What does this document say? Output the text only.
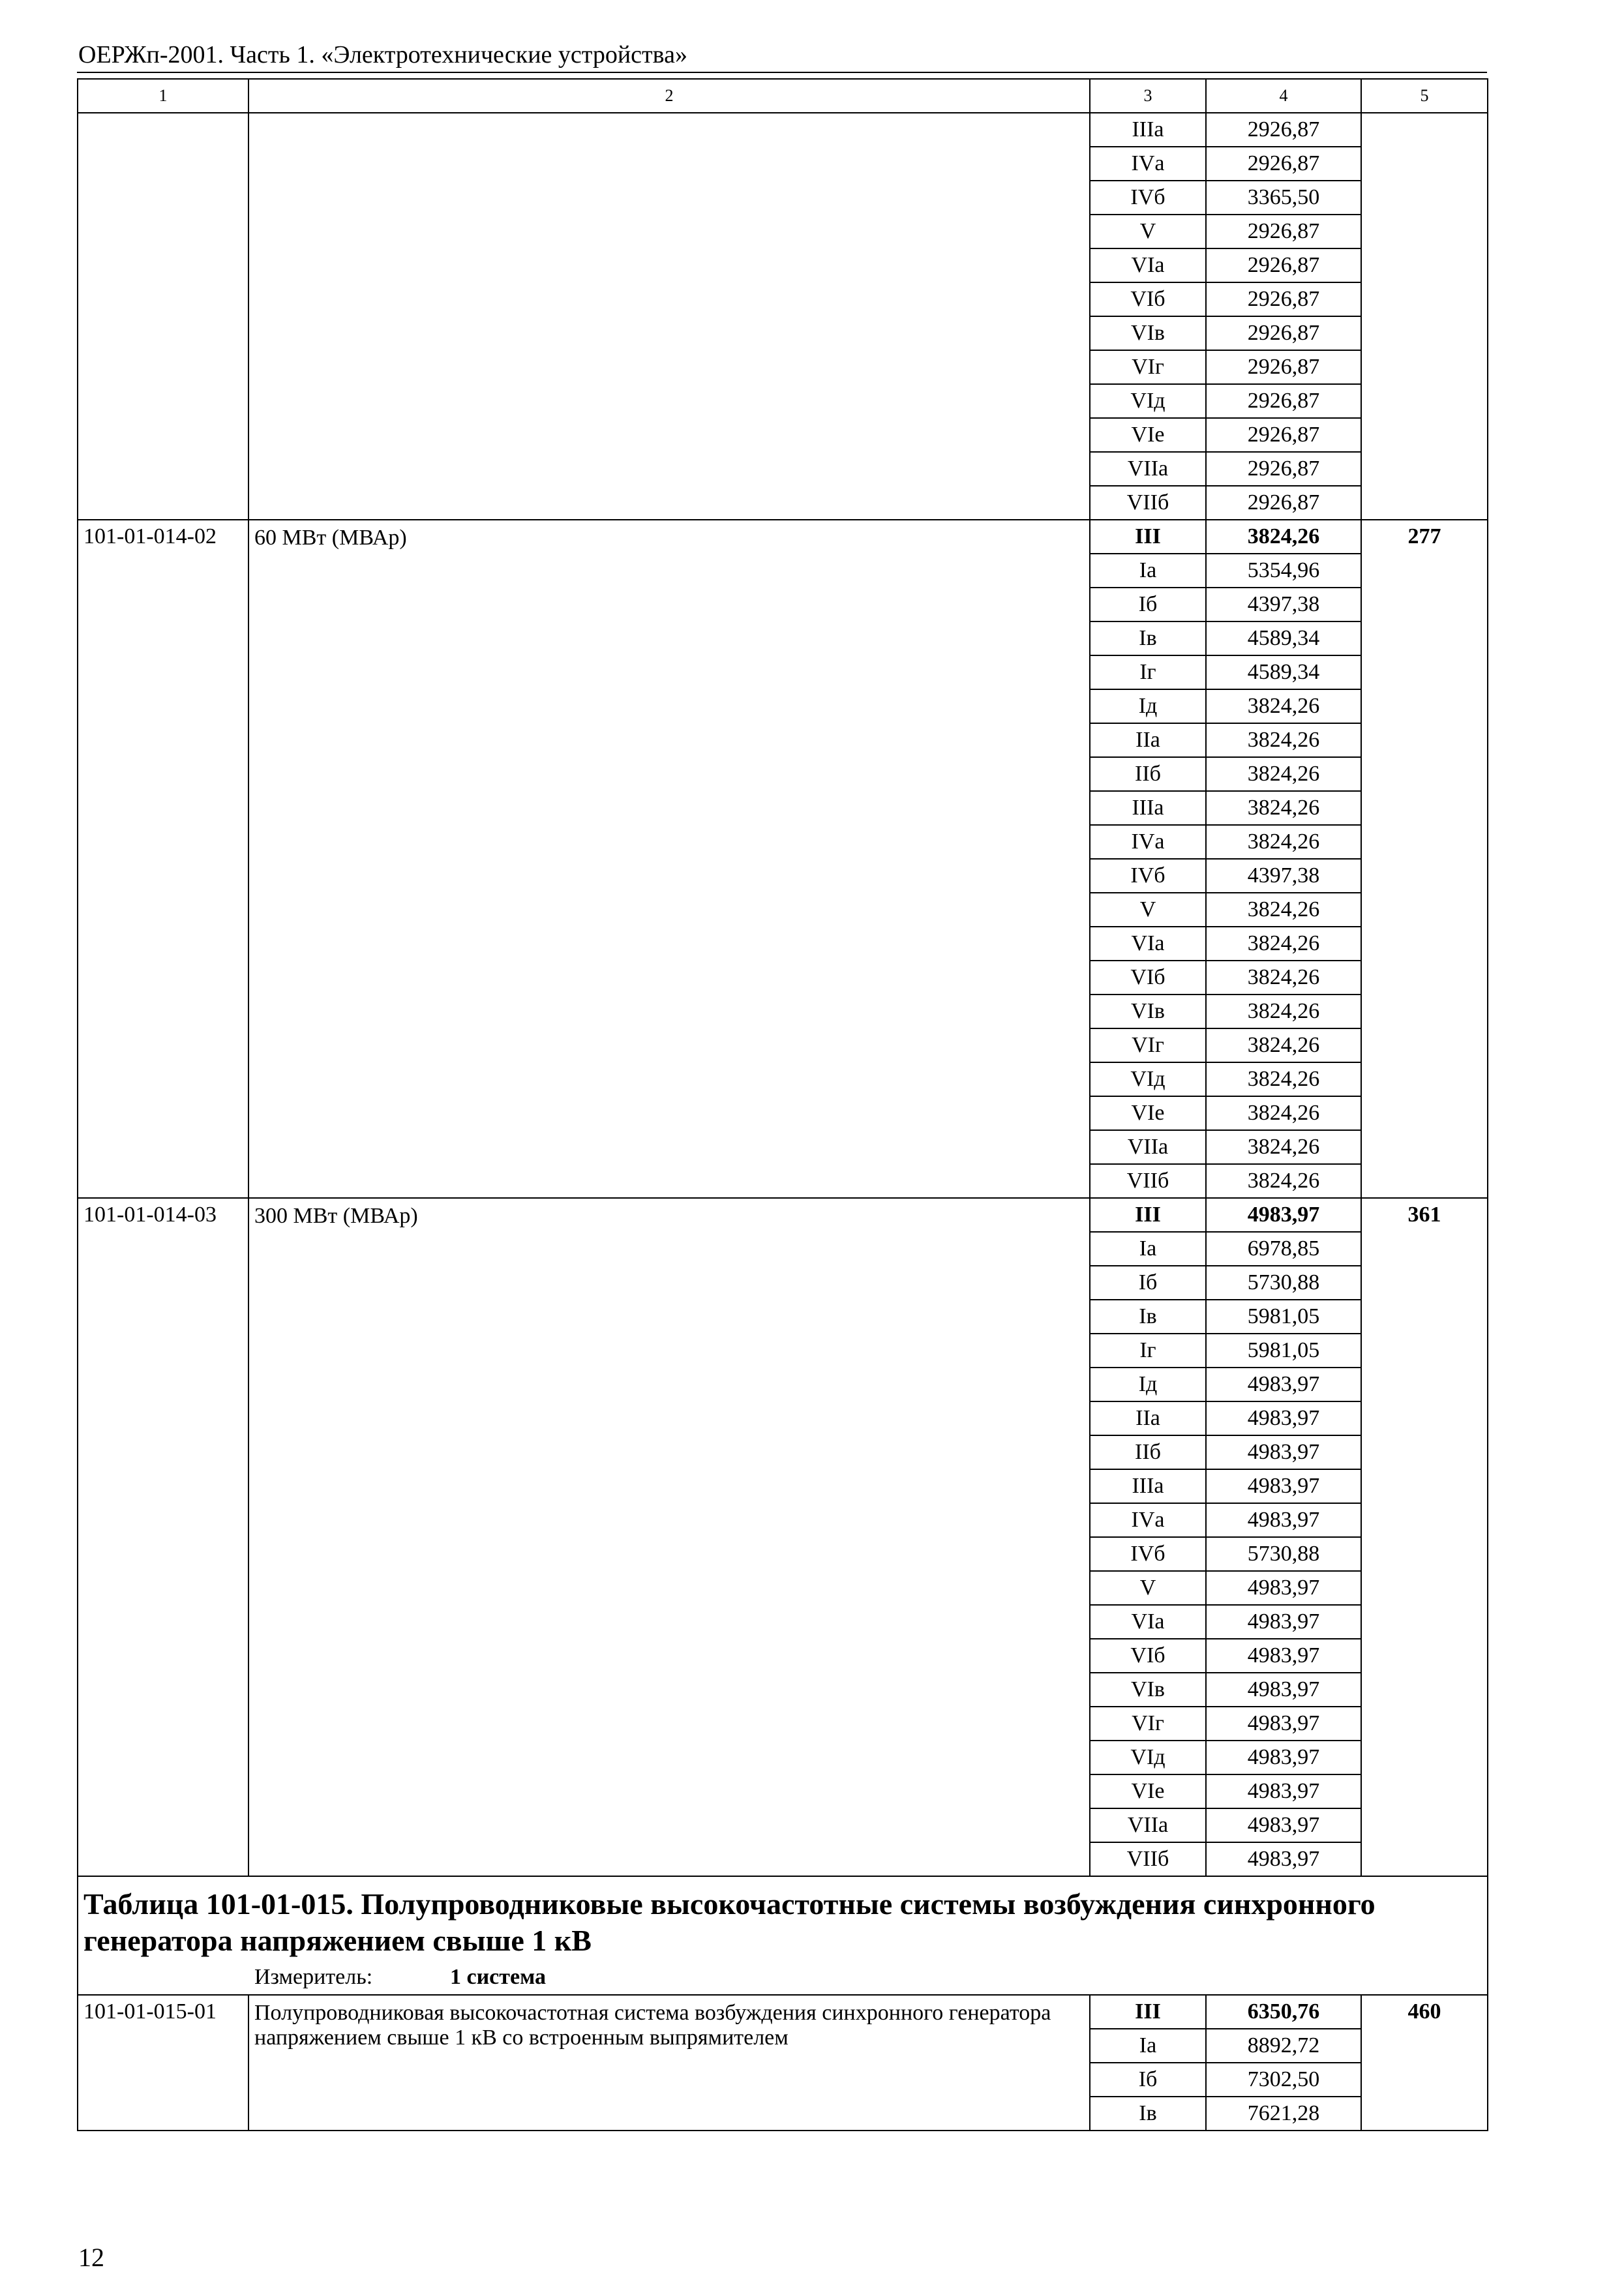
ОЕРЖп-2001. Часть 1. «Электротехнические устройства»
1	2	3	4	5
		IIIа	2926,87	
		IVа	2926,87	
		IVб	3365,50	
		V	2926,87	
		VIа	2926,87	
		VIб	2926,87	
		VIв	2926,87	
		VIг	2926,87	
		VIд	2926,87	
		VIе	2926,87	
		VIIа	2926,87	
		VIIб	2926,87	
101-01-014-02	60 МВт (МВАр)	III	3824,26	277
		Iа	5354,96	
		Iб	4397,38	
		Iв	4589,34	
		Iг	4589,34	
		Iд	3824,26	
		IIа	3824,26	
		IIб	3824,26	
		IIIа	3824,26	
		IVа	3824,26	
		IVб	4397,38	
		V	3824,26	
		VIа	3824,26	
		VIб	3824,26	
		VIв	3824,26	
		VIг	3824,26	
		VIд	3824,26	
		VIе	3824,26	
		VIIа	3824,26	
		VIIб	3824,26	
101-01-014-03	300 МВт (МВАр)	III	4983,97	361
		Iа	6978,85	
		Iб	5730,88	
		Iв	5981,05	
		Iг	5981,05	
		Iд	4983,97	
		IIа	4983,97	
		IIб	4983,97	
		IIIа	4983,97	
		IVа	4983,97	
		IVб	5730,88	
		V	4983,97	
		VIа	4983,97	
		VIб	4983,97	
		VIв	4983,97	
		VIг	4983,97	
		VIд	4983,97	
		VIе	4983,97	
		VIIа	4983,97	
		VIIб	4983,97	

Таблица 101-01-015. Полупроводниковые высокочастотные системы возбуждения синхронного генератора напряжением свыше 1 кВ
Измеритель: 1 система				

101-01-015-01	Полупроводниковая высокочастотная система возбуждения синхронного генератора напряжением свыше 1 кВ со встроенным выпрямителем	III	6350,76	460
		Iа	8892,72	
		Iб	7302,50	
		Iв	7621,28	
12
